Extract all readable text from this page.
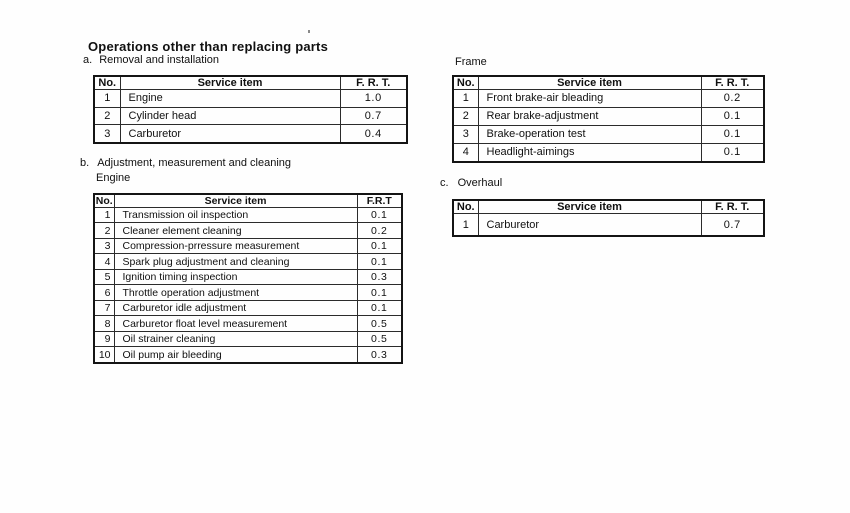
Operations other than replacing parts
a. Removal and installation
No.	Service item	F. R. T.
1	Engine	1.0
2	Cylinder head	0.7
3	Carburetor	0.4
b. Adjustment, measurement and cleaning
Engine
No.	Service item	F.R.T
1	Transmission oil inspection	0.1
2	Cleaner element cleaning	0.2
3	Compression-prressure measurement	0.1
4	Spark plug adjustment and cleaning	0.1
5	Ignition timing inspection	0.3
6	Throttle operation adjustment	0.1
7	Carburetor idle adjustment	0.1
8	Carburetor float level measurement	0.5
9	Oil strainer cleaning	0.5
10	Oil pump air bleeding	0.3
Frame
No.	Service item	F. R. T.
1	Front brake-air bleading	0.2
2	Rear brake-adjustment	0.1
3	Brake-operation test	0.1
4	Headlight-aimings	0.1
c. Overhaul
No.	Service item	F. R. T.
1	Carburetor	0.7
